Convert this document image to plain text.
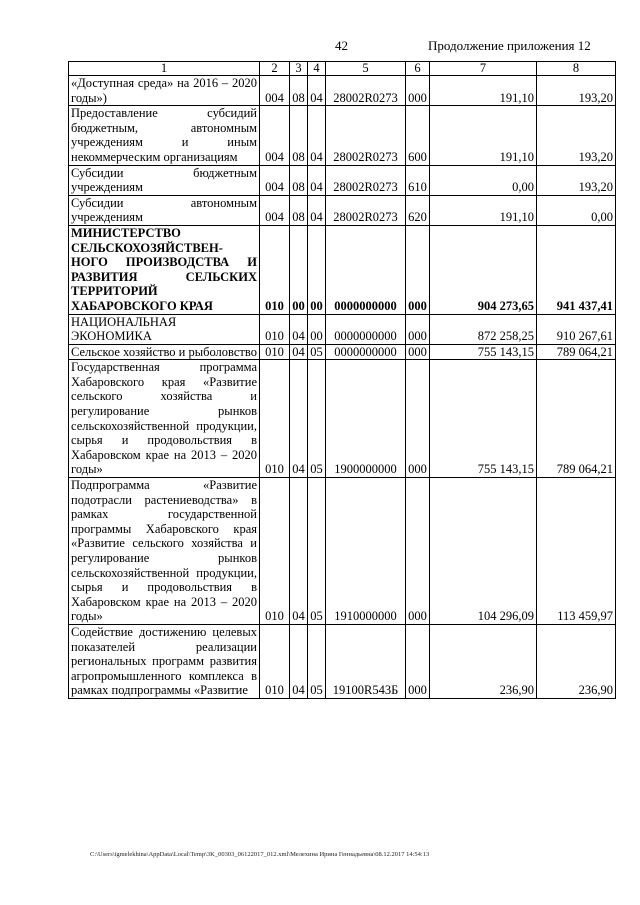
42	Продолжение приложения 12
1	2	3	4	5	6	7	8
«Доступная среда» на 2016 – 2020 годы»)	004	08	04	28002R0273	000	191,10	193,20
Предоставление субсидий бюджетным, автономным учреждениям и иным некоммерческим организациям	004	08	04	28002R0273	600	191,10	193,20
Субсидии бюджетным учреждениям	004	08	04	28002R0273	610	0,00	193,20
Субсидии автономным учреждениям	004	08	04	28002R0273	620	191,10	0,00
МИНИСТЕРСТВО СЕЛЬСКОХОЗЯЙСТВЕН-НОГО ПРОИЗВОДСТВА И РАЗВИТИЯ СЕЛЬСКИХ ТЕРРИТОРИЙ ХАБАРОВСКОГО КРАЯ	010	00	00	0000000000	000	904 273,65	941 437,41
НАЦИОНАЛЬНАЯ ЭКОНОМИКА	010	04	00	0000000000	000	872 258,25	910 267,61
Сельское хозяйство и рыболовство	010	04	05	0000000000	000	755 143,15	789 064,21
Государственная программа Хабаровского края «Развитие сельского хозяйства и регулирование рынков сельскохозяйственной продукции, сырья и продовольствия в Хабаровском крае на 2013 – 2020 годы»	010	04	05	1900000000	000	755 143,15	789 064,21
Подпрограмма «Развитие подотрасли растениеводства» в рамках государственной программы Хабаровского края «Развитие сельского хозяйства и регулирование рынков сельскохозяйственной продукции, сырья и продовольствия в Хабаровском крае на 2013 – 2020 годы»	010	04	05	1910000000	000	104 296,09	113 459,97
Содействие достижению целевых показателей реализации региональных программ развития агропромышленного комплекса в рамках подпрограммы «Развитие	010	04	05	19100R543Б	000	236,90	236,90
C:\Users\igmelekhina\AppData\Local\Temp\3K_00303_06122017_012.xml\Мелехина Ирина Геннадьевна\08.12.2017 14:54:13
